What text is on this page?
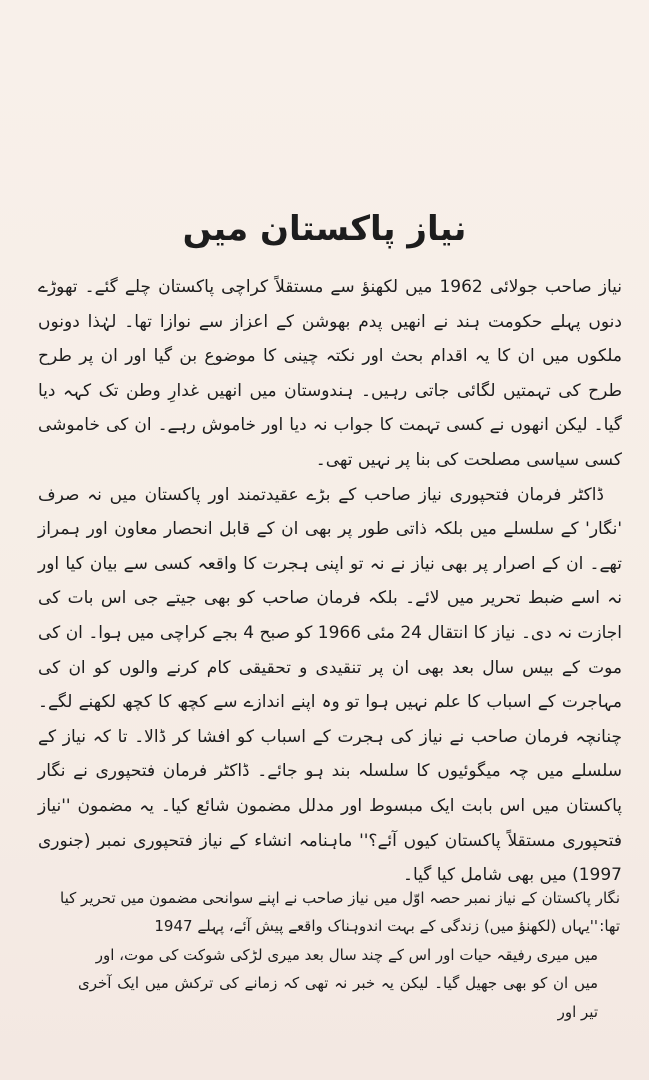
نیاز پاکستان میں

نیاز صاحب جولائی 1962 میں لکھنؤ سے مستقلاً کراچی پاکستان چلے گئے۔ تھوڑے دنوں پہلے حکومت ہند نے انھیں پدم بھوشن کے اعزاز سے نوازا تھا۔ لہٰذا دونوں ملکوں میں ان کا یہ اقدام بحث اور نکتہ چینی کا موضوع بن گیا اور ان پر طرح طرح کی تہمتیں لگائی جاتی رہیں۔ ہندوستان میں انھیں غدارِ وطن تک کہہ دیا گیا۔ لیکن انھوں نے کسی تہمت کا جواب نہ دیا اور خاموش رہے۔ ان کی خاموشی کسی سیاسی مصلحت کی بنا پر نہیں تھی۔

ڈاکٹر فرمان فتحپوری نیاز صاحب کے بڑے عقیدتمند اور پاکستان میں نہ صرف 'نگار' کے سلسلے میں بلکہ ذاتی طور پر بھی ان کے قابل انحصار معاون اور ہمراز تھے۔ ان کے اصرار پر بھی نیاز نے نہ تو اپنی ہجرت کا واقعہ کسی سے بیان کیا اور نہ اسے ضبط تحریر میں لائے۔ بلکہ فرمان صاحب کو بھی جیتے جی اس بات کی اجازت نہ دی۔ نیاز کا انتقال 24 مئی 1966 کو صبح 4 بجے کراچی میں ہوا۔ ان کی موت کے بیس سال بعد بھی ان پر تنقیدی و تحقیقی کام کرنے والوں کو ان کی مہاجرت کے اسباب کا علم نہیں ہوا تو وہ اپنے اندازے سے کچھ کا کچھ لکھنے لگے۔ چنانچہ فرمان صاحب نے نیاز کی ہجرت کے اسباب کو افشا کر ڈالا۔ تا کہ نیاز کے سلسلے میں چہ میگوئیوں کا سلسلہ بند ہو جائے۔ ڈاکٹر فرمان فتحپوری نے نگار پاکستان میں اس بابت ایک مبسوط اور مدلل مضمون شائع کیا۔ یہ مضمون ''نیاز فتحپوری مستقلاً پاکستان کیوں آئے؟'' ماہنامہ انشاء کے نیاز فتحپوری نمبر (جنوری 1997) میں بھی شامل کیا گیا۔

نگار پاکستان کے نیاز نمبر حصہ اوّل میں نیاز صاحب نے اپنے سوانحی مضمون میں تحریر کیا تھا:

''یہاں (لکھنؤ میں) زندگی کے بہت اندوہناک واقعے پیش آئے، پہلے 1947

میں میری رفیقہ حیات اور اس کے چند سال بعد میری لڑکی شوکت کی موت، اور

میں ان کو بھی جھیل گیا۔ لیکن یہ خبر نہ تھی کہ زمانے کی ترکش میں ایک آخری تیر اور
